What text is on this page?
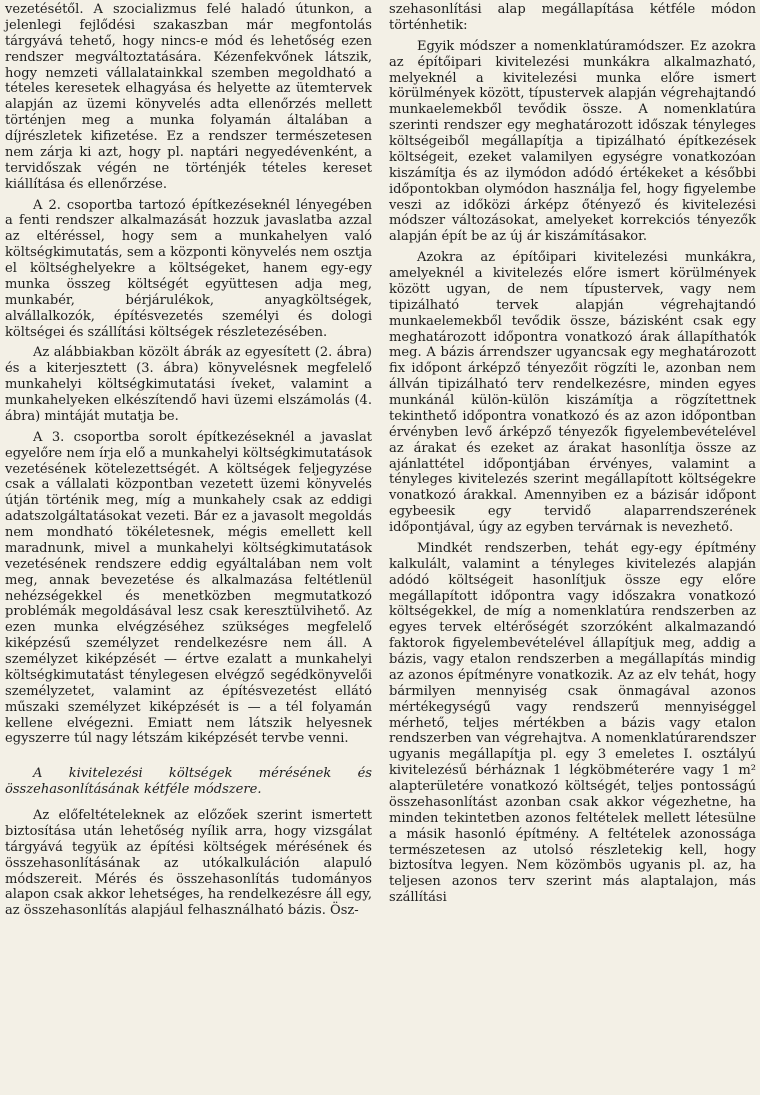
vezetésétől. A szocializmus felé haladó útunkon, a jelenlegi fejlődési szakaszban már megfontolás tárgyává tehető, hogy nincs-e mód és lehetőség ezen rendszer megváltoztatására. Kézenfekvőnek látszik, hogy nemzeti vállalatainkkal szemben megoldható a tételes keresetek elhagyása és helyette az ütemtervek alapján az üzemi könyvelés adta ellenőrzés mellett történjen meg a munka folyamán általában a díjrészletek kifizetése. Ez a rendszer természetesen nem zárja ki azt, hogy pl. naptári negyedévenként, a tervidőszak végén ne történjék tételes kereset kiállítása és ellenőrzése.

A 2. csoportba tartozó építkezéseknél lényegében a fenti rendszer alkalmazását hozzuk javaslatba azzal az eltéréssel, hogy sem a munkahelyen való költségkimutatás, sem a központi könyvelés nem osztja el költséghelyekre a költségeket, hanem egy-egy munka összeg költségét együttesen adja meg, munkabér, bérjárulékok, anyagköltségek, alvállalkozók, építésvezetés személyi és dologi költségei és szállítási költségek részletezésében.

Az alábbiakban közölt ábrák az egyesített (2. ábra) és a kiterjesztett (3. ábra) könyvelésnek megfelelő munkahelyi költségkimutatási íveket, valamint a munkahelyeken elkészítendő havi üzemi elszámolás (4. ábra) mintáját mutatja be.

A 3. csoportba sorolt építkezéseknél a javaslat egyelőre nem írja elő a munkahelyi költségkimutatások vezetésének kötelezettségét. A költségek feljegyzése csak a vállalati központban vezetett üzemi könyvelés útján történik meg, míg a munkahely csak az eddigi adatszolgáltatásokat vezeti. Bár ez a javasolt megoldás nem mondható tökéletesnek, mégis emellett kell maradnunk, mivel a munkahelyi költségkimutatások vezetésének rendszere eddig egyáltalában nem volt meg, annak bevezetése és alkalmazása feltétlenül nehézségekkel és menetközben megmutatkozó problémák megoldásával lesz csak keresztülvihető. Az ezen munka elvégzéséhez szükséges megfelelő kiképzésű személyzet rendelkezésre nem áll. A személyzet kiképzését — értve ezalatt a munkahelyi költségkimutatást ténylegesen elvégző segédkönyvelői személyzetet, valamint az építésvezetést ellátó műszaki személyzet kiképzését is — a tél folyamán kellene elvégezni. Emiatt nem látszik helyesnek egyszerre túl nagy létszám kiképzését tervbe venni.

A kivitelezési költségek mérésének és összehasonlításának kétféle módszere.

Az előfeltételeknek az előzőek szerint ismertett biztosítása után lehetőség nyílik arra, hogy vizsgálat tárgyává tegyük az építési költségek mérésének és összehasonlításának az utókalkuláción alapuló módszereit. Mérés és összehasonlítás tudományos alapon csak akkor lehetséges, ha rendelkezésre áll egy, az összehasonlítás alapjául felhasználható bázis. Ösz-

szehasonlítási alap megállapítása kétféle módon történhetik:

Egyik módszer a nomenklatúramódszer. Ez azokra az építőipari kivitelezési munkákra alkalmazható, melyeknél a kivitelezési munka előre ismert körülmények között, típustervek alapján végrehajtandó munkaelemekből tevődik össze. A nomenklatúra szerinti rendszer egy meghatározott időszak tényleges költségeiből megállapítja a tipizálható építkezések költségeit, ezeket valamilyen egységre vonatkozóan kiszámítja és az ilymódon adódó értékeket a későbbi időpontokban olymódon használja fel, hogy figyelembe veszi az időközi árképz őtényező és kivitelezési módszer változásokat, amelyeket korrekciós tényezők alapján épít be az új ár kiszámításakor.

Azokra az építőipari kivitelezési munkákra, amelyeknél a kivitelezés előre ismert körülmények között ugyan, de nem típustervek, vagy nem tipizálható tervek alapján végrehajtandó munkaelemekből tevődik össze, bázisként csak egy meghatározott időpontra vonatkozó árak állapíthatók meg. A bázis árrendszer ugyancsak egy meghatározott fix időpont árképző tényezőit rögzíti le, azonban nem állván tipizálható terv rendelkezésre, minden egyes munkánál külön-külön kiszámítja a rögzítettnek tekinthető időpontra vonatkozó és az azon időpontban érvényben levő árképző tényezők figyelembevételével az árakat és ezeket az árakat hasonlítja össze az ajánlattétel időpontjában érvényes, valamint a tényleges kivitelezés szerint megállapított költségekre vonatkozó árakkal. Amennyiben ez a bázisár időpont egybeesik egy tervidő alaparrendszerének időpontjával, úgy az egyben tervárnak is nevezhető.

Mindkét rendszerben, tehát egy-egy építmény kalkulált, valamint a tényleges kivitelezés alapján adódó költségeit hasonlítjuk össze egy előre megállapított időpontra vagy időszakra vonatkozó költségekkel, de míg a nomenklatúra rendszerben az egyes tervek eltérőségét szorzóként alkalmazandó faktorok figyelembevételével állapítjuk meg, addig a bázis, vagy etalon rendszerben a megállapítás mindig az azonos építményre vonatkozik. Az az elv tehát, hogy bármilyen mennyiség csak önmagával azonos mértékegységű vagy rendszerű mennyiséggel mérhető, teljes mértékben a bázis vagy etalon rendszerben van végrehajtva. A nomenklatúrarendszer ugyanis megállapítja pl. egy 3 emeletes I. osztályú kivitelezésű bérháznak 1 légköbméterére vagy 1 m² alapterületére vonatkozó költségét, teljes pontosságú összehasonlítást azonban csak akkor végezhetne, ha minden tekintetben azonos feltételek mellett létesülne a másik hasonló építmény. A feltételek azonossága természetesen az utolsó részletekig kell, hogy biztosítva legyen. Nem közömbös ugyanis pl. az, ha teljesen azonos terv szerint más alaptalajon, más szállítási
